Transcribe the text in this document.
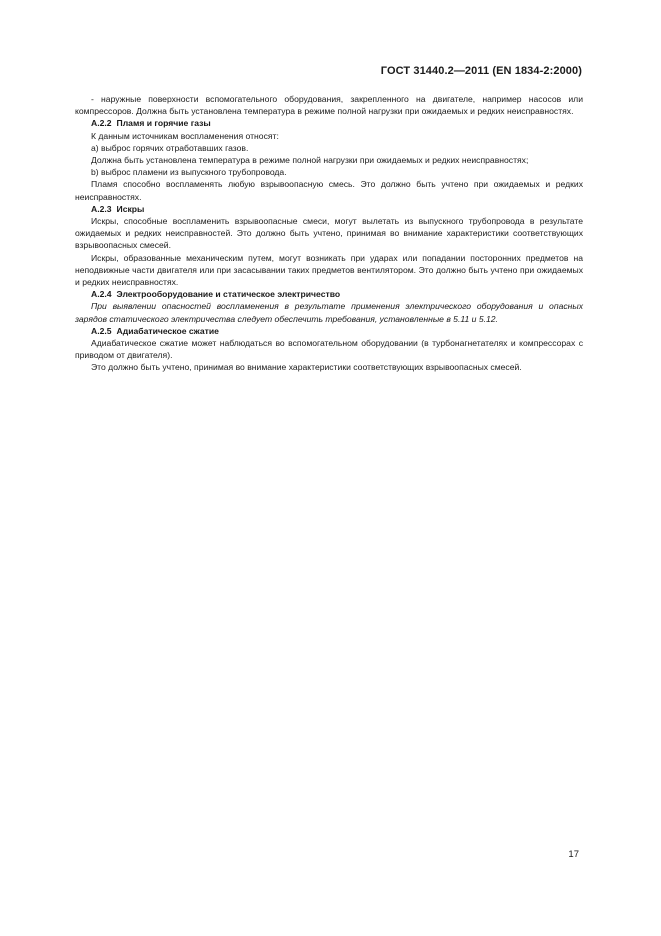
ГОСТ 31440.2—2011 (EN 1834-2:2000)

- наружные поверхности вспомогательного оборудования, закрепленного на двигателе, например насосов или компрессоров. Должна быть установлена температура в режиме полной нагрузки при ожидаемых и редких неисправностях.

А.2.2 Пламя и горячие газы

К данным источникам воспламенения относят:

а) выброс горячих отработавших газов.

Должна быть установлена температура в режиме полной нагрузки при ожидаемых и редких неисправностях;

b) выброс пламени из выпускного трубопровода.

Пламя способно воспламенять любую взрывоопасную смесь. Это должно быть учтено при ожидаемых и редких неисправностях.

А.2.3 Искры

Искры, способные воспламенить взрывоопасные смеси, могут вылетать из выпускного трубопровода в результате ожидаемых и редких неисправностей. Это должно быть учтено, принимая во внимание характеристики соответствующих взрывоопасных смесей.

Искры, образованные механическим путем, могут возникать при ударах или попадании посторонних предметов на неподвижные части двигателя или при засасывании таких предметов вентилятором. Это должно быть учтено при ожидаемых и редких неисправностях.

А.2.4 Электрооборудование и статическое электричество

При выявлении опасностей воспламенения в результате применения электрического оборудования и опасных зарядов статического электричества следует обеспечить требования, установленные в 5.11 и 5.12.

А.2.5 Адиабатическое сжатие

Адиабатическое сжатие может наблюдаться во вспомогательном оборудовании (в турбонагнетателях и компрессорах с приводом от двигателя).

Это должно быть учтено, принимая во внимание характеристики соответствующих взрывоопасных смесей.

17
